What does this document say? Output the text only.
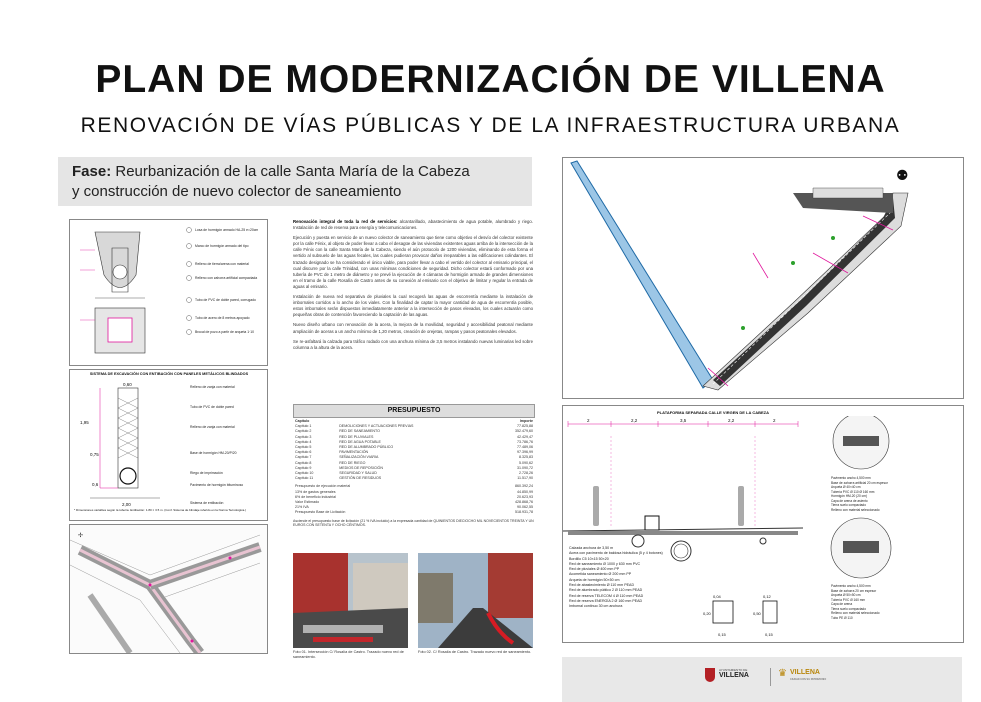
PLAN DE MODERNIZACIÓN DE VILLENA
RENOVACIÓN DE VÍAS PÚBLICAS Y DE LA INFRAESTRUCTURA URBANA
Fase: Reurbanización de la calle Santa María de la Cabeza
y construcción de nuevo colector de saneamiento
Losa de hormigón armado HA-25 e=20cm
Marco de hormigón armado del tipo
Relleno de tierra/arena con material
Relleno con zahorra artificial compactada
Tubo de PVC de doble pared, corrugado
Tubo de acero de 8 metros apoyado
Brocal de pozo a partir de arqueta 1·10
SISTEMA DE EXCAVACIÓN CON ENTIBACIÓN CON PANELES METÁLICOS BLINDADOS
Relleno de zanja con material
Tubo de PVC de doble pared
Relleno de zanja con material
Base de hormigón HM-20/P/20
Riego de imprimación
Pavimento de hormigón bituminoso
Sistema de entibación
0,60
2,00
0,75
0,6
1,95
* Dimensiones variables según la tubería. Entibación: 1.80 × 3.5 m. (Conf. Sistema de blindaje referido en la Norma Tecnológica.)
✢

Renovación integral de toda la red de servicios: alcantarillado, abastecimiento de agua potable, alumbrado y riego. Instalación de red de reserva para energía y telecomunicaciones.

Ejecución y puesta en servicio de un nuevo colector de saneamiento que tiene como objetivo el desvío del colector existente por la calle Fénix, al objeto de poder llevar a cabo el desagüe de las viviendas existentes aguas arriba de la intersección de la calle Fénix con la calle Santa María de la Cabeza, siendo el aún protocolo de 1200 viviendas, eliminando de esta forma el vertido al subsuelo de las aguas fecales, las cuales pudieran provocar daños irreparables a las edificaciones colindantes. El trazado designado se ha considerado el único viable, para poder llevar a cabo el vertido del colector al emisario principal, el cual discurre por la calle Trinidad, con unas mínimas condiciones de seguridad. Dicho colector estará conformado por una tubería de PVC de 1 metro de diámetro y se prevé la ejecución de 4 cámaras de hormigón armado de grandes dimensiones en el tramo de la calle Rosalía de Castro antes de su conexión al emisario con el objetivo de limitar y regular la entrada de aguas al emisario.

Instalación de nueva red separativa de pluviales la cual recogerá las aguas de escorrentía mediante la instalación de imbornales corridos a lo ancho de los viales. Con la finalidad de captar la mayor cantidad de agua de escorrentía posible, estos imbornales serán dispuestos inmediatamente anterior a la intersección de pasos elevados, los cuales actuarán como pequeñas obras de contención favoreciendo la captación de las aguas.

Nuevo diseño urbano con renovación de la acera, la mejora de la movilidad, seguridad y accesibilidad peatonal mediante ampliación de aceras a un ancho mínimo de 1,20 metros, creación de orejetas, rampas y pasos peatonales elevados.

Se re-asfaltará la calzada para tráfico rodado con una anchura mínima de 3,5 metros instalando nuevas luminarias led sobre columna a la altura de la acera.

PRESUPUESTO
Capítulo		Importe
Capítulo 1	DEMOLICIONES Y ACTUACIONES PREVIAS	77.825,88
Capítulo 2	RED DE SANEAMIENTO	352.479,60
Capítulo 3	RED DE PLUVIALES	42.429,47
Capítulo 4	RED DE AGUA POTABLE	73.786,76
Capítulo 5	RED DE ALUMBRADO PÚBLICO	77.489,06
Capítulo 6	PAVIMENTACIÓN	97.396,99
Capítulo 7	SEÑALIZACIÓN VIARIA	8.325,83
Capítulo 8	RED DE RIEGO	5.090,62
Capítulo 9	MEDIOS DE REPOSICIÓN	31.090,72
Capítulo 10	SEGURIDAD Y SALUD	2.728,26
Capítulo 11	GESTIÓN DE RESIDUOS	11.517,90
Presupuesto de ejecución material	860.392,24
13% de gastos generales	44.850,99
6% de beneficio industrial	20.623,93
Valor Estimado	428.868,76
21% IVA	90.062,55
Presupuesto Base de Licitación	518.931,78
Asciende el presupuesto base de licitación (21 % IVA incluido) a la expresada cantidad de QUINIENTOS DIECIOCHO MIL NOVECIENTOS TREINTA Y UN EUROS CON SETENTA Y OCHO CÉNTIMOS.
Foto 01. Intersección C/ Rosalía de Castro. Trazado nuevo red de saneamiento.
Foto 02. C/ Rosalía de Castro. Trazado nuevo red de saneamiento.
⚉
PLATAFORMA SEPARADA CALLE VIRGEN DE LA CABEZA
2	2,2	3,5	2,2	2
Calzada anchura de 3,50 m
Acera con pavimento de baldosa hidráulica (5 y 4 botones)
Bordillo C5 10×15 50×20
Red de saneamiento Ø 1000 y 630 mm PVC
Red de pluviales Ø 400 mm PP
Acometida saneamiento Ø 200 mm PP
Arqueta de hormigón 50×50 cm
Red de abastecimiento Ø 110 mm PEAD
Red de alumbrado público 2 Ø 110 mm PEAD
Red de reserva TELECOM 4 Ø 110 mm PEAD
Red de reserva ENERGÍA 2 Ø 160 mm PEAD
Imbornal continuo 30 cm anchura
Pavimento ancho 4,500 mm
Base de zahorra artificial 20 cm espesor
Arqueta Ø 40×40 cm
Tubería PVC Ø 110 Ø 160 mm
Hormigón HM-20 (20 cm)
Capa de arena de asiento
Tierra suelo compactado
Relleno con material seleccionado
Pavimento ancho 4,500 mm
Base de zahorra 20 cm espesor
Arqueta Ø 50×50 cm
Tubería PVC Ø 160 mm
Capa de arena
Tierra suelo compactado
Relleno con material seleccionado
Tubo PE Ø 110
0,04	0,12
0,20	0,50
0,15	0,15
AYUNTAMIENTO DE
VILLENA	♛ VILLENA
CIUDAD CON SU PATRIMONIO
